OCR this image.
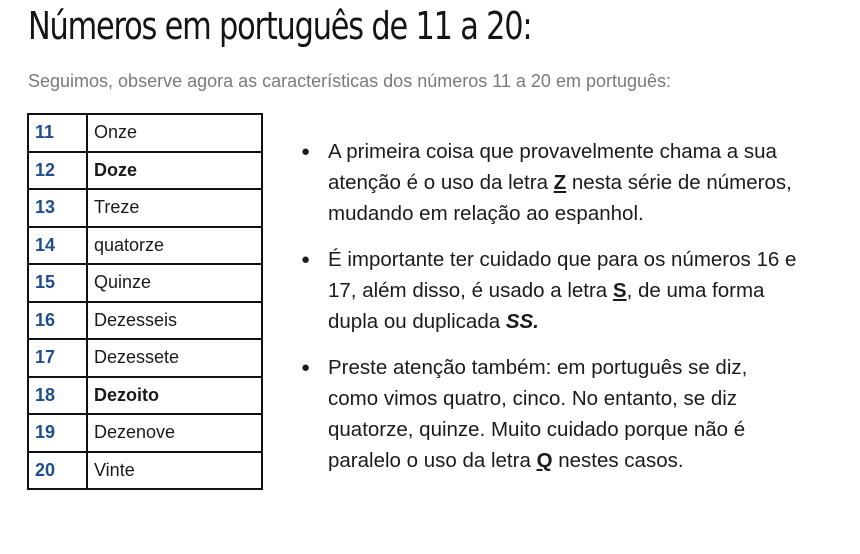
Números em português de 11 a 20:

Seguimos, observe agora as características dos números 11 a 20 em português:

11	Onze
12	Doze
13	Treze
14	quatorze
15	Quinze
16	Dezesseis
17	Dezessete
18	Dezoito
19	Dezenove
20	Vinte
● A primeira coisa que provavelmente chama a sua atenção é o uso da letra Z nesta série de números, mudando em relação ao espanhol.
● É importante ter cuidado que para os números 16 e 17, além disso, é usado a letra S, de uma forma dupla ou duplicada SS.
● Preste atenção também: em português se diz, como vimos quatro, cinco. No entanto, se diz quatorze, quinze. Muito cuidado porque não é paralelo o uso da letra Q nestes casos.
